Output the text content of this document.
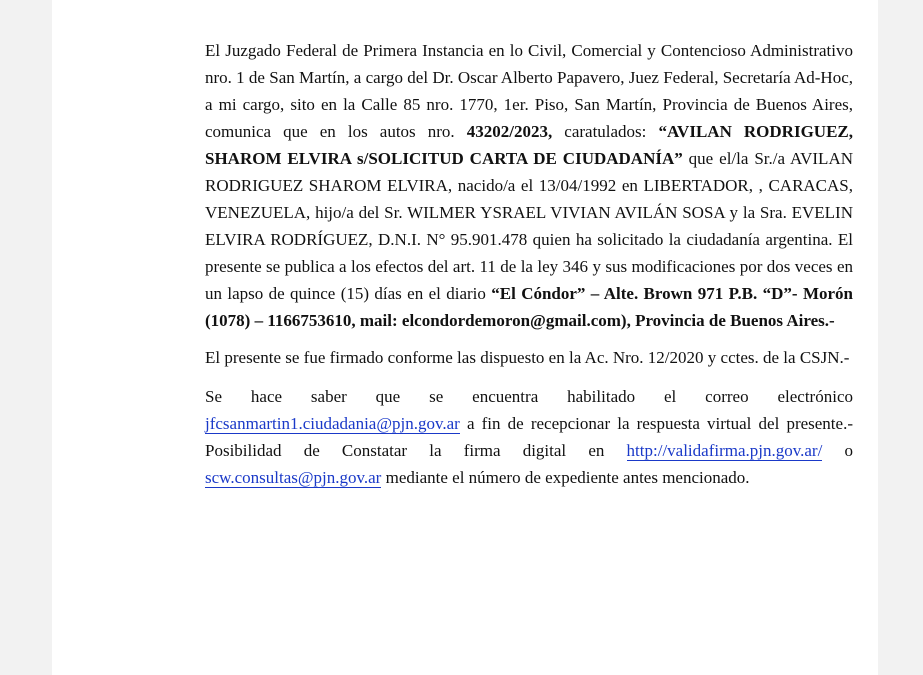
El Juzgado Federal de Primera Instancia en lo Civil, Comercial y Contencioso Administrativo nro. 1 de San Martín, a cargo del Dr. Oscar Alberto Papavero, Juez Federal, Secretaría Ad-Hoc, a mi cargo, sito en la Calle 85 nro. 1770, 1er. Piso, San Martín, Provincia de Buenos Aires, comunica que en los autos nro. 43202/2023, caratulados: “AVILAN RODRIGUEZ, SHAROM ELVIRA s/SOLICITUD CARTA DE CIUDADANÍA” que el/la Sr./a AVILAN RODRIGUEZ SHAROM ELVIRA, nacido/a el 13/04/1992 en LIBERTADOR, , CARACAS, VENEZUELA, hijo/a del Sr. WILMER YSRAEL VIVIAN AVILÁN SOSA y la Sra. EVELIN ELVIRA RODRÍGUEZ, D.N.I. N° 95.901.478 quien ha solicitado la ciudadanía argentina. El presente se publica a los efectos del art. 11 de la ley 346 y sus modificaciones por dos veces en un lapso de quince (15) días en el diario “El Cóndor” – Alte. Brown 971 P.B. “D”- Morón (1078) – 1166753610, mail: elcondordemoron@gmail.com), Provincia de Buenos Aires.-

El presente se fue firmado conforme las dispuesto en la Ac. Nro. 12/2020 y cctes. de la CSJN.-

Se hace saber que se encuentra habilitado el correo electrónico jfcsanmartin1.ciudadania@pjn.gov.ar a fin de recepcionar la respuesta virtual del presente.- Posibilidad de Constatar la firma digital en http://validafirma.pjn.gov.ar/ o scw.consultas@pjn.gov.ar mediante el número de expediente antes mencionado.
